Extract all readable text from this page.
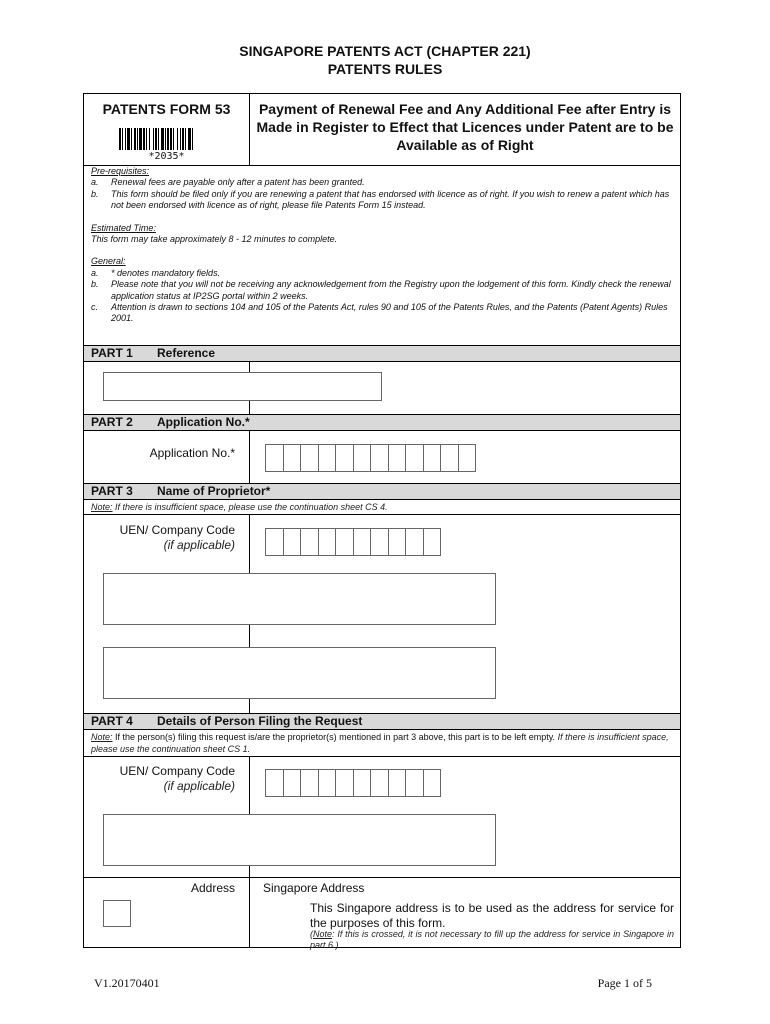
SINGAPORE PATENTS ACT (CHAPTER 221)
PATENTS RULES
PATENTS FORM 53
*2035*
Payment of Renewal Fee and Any Additional Fee after Entry is Made in Register to Effect that Licences under Patent are to be Available as of Right
Pre-requisites:
a.	Renewal fees are payable only after a patent has been granted.
b.	This form should be filed only if you are renewing a patent that has endorsed with licence as of right. If you wish to renew a patent which has not been endorsed with licence as of right, please file Patents Form 15 instead.
Estimated Time:
This form may take approximately 8 - 12 minutes to complete.
General:
a.	* denotes mandatory fields.
b.	Please note that you will not be receiving any acknowledgement from the Registry upon the lodgement of this form. Kindly check the renewal application status at IP2SG portal within 2 weeks.
c.	Attention is drawn to sections 104 and 105 of the Patents Act, rules 90 and 105 of the Patents Rules, and the Patents (Patent Agents) Rules 2001.
PART 1 Reference
PART 2 Application No.*
Application No.*
PART 3 Name of Proprietor*
Note: If there is insufficient space, please use the continuation sheet CS 4.
UEN/ Company Code
(if applicable)
PART 4 Details of Person Filing the Request
Note: If the person(s) filing this request is/are the proprietor(s) mentioned in part 3 above, this part is to be left empty. If there is insufficient space, please use the continuation sheet CS 1.
UEN/ Company Code
(if applicable)
Address Singapore Address
This Singapore address is to be used as the address for service for the purposes of this form.
(Note: If this is crossed, it is not necessary to fill up the address for service in Singapore in part 6.)
V1.20170401	Page 1 of 5
